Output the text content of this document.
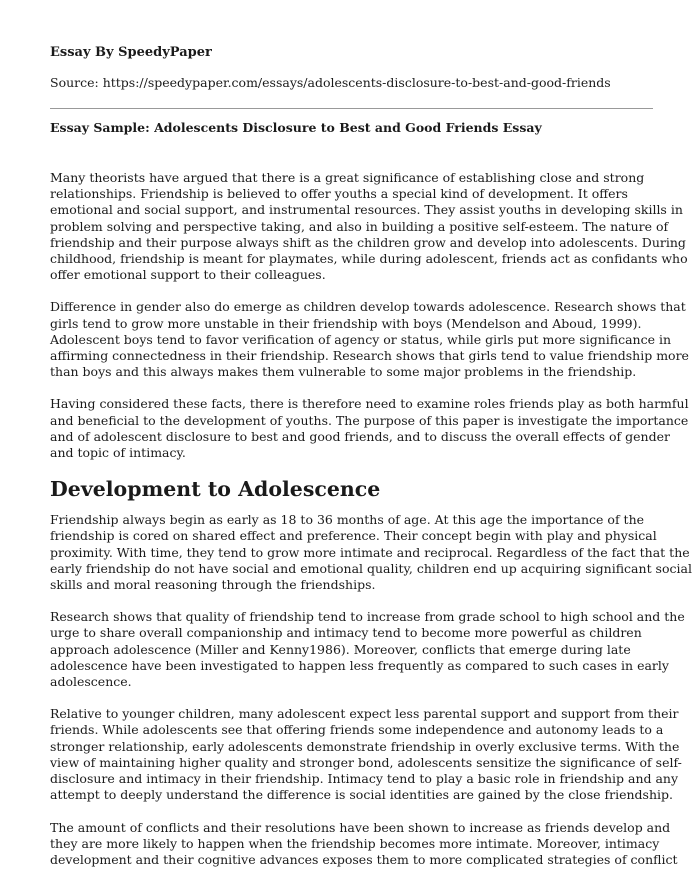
Essay By SpeedyPaper
Source: https://speedypaper.com/essays/adolescents-disclosure-to-best-and-good-friends
Essay Sample: Adolescents Disclosure to Best and Good Friends Essay
Many theorists have argued that there is a great significance of establishing close and strong
relationships. Friendship is believed to offer youths a special kind of development. It offers
emotional and social support, and instrumental resources. They assist youths in developing skills in
problem solving and perspective taking, and also in building a positive self-esteem. The nature of
friendship and their purpose always shift as the children grow and develop into adolescents. During
childhood, friendship is meant for playmates, while during adolescent, friends act as confidants who
offer emotional support to their colleagues.
Difference in gender also do emerge as children develop towards adolescence. Research shows that
girls tend to grow more unstable in their friendship with boys (Mendelson and Aboud, 1999).
Adolescent boys tend to favor verification of agency or status, while girls put more significance in
affirming connectedness in their friendship. Research shows that girls tend to value friendship more
than boys and this always makes them vulnerable to some major problems in the friendship.
Having considered these facts, there is therefore need to examine roles friends play as both harmful
and beneficial to the development of youths. The purpose of this paper is investigate the importance
and of adolescent disclosure to best and good friends, and to discuss the overall effects of gender
and topic of intimacy.
Development to Adolescence
Friendship always begin as early as 18 to 36 months of age. At this age the importance of the
friendship is cored on shared effect and preference. Their concept begin with play and physical
proximity. With time, they tend to grow more intimate and reciprocal. Regardless of the fact that the
early friendship do not have social and emotional quality, children end up acquiring significant social
skills and moral reasoning through the friendships.
Research shows that quality of friendship tend to increase from grade school to high school and the
urge to share overall companionship and intimacy tend to become more powerful as children
approach adolescence (Miller and Kenny1986). Moreover, conflicts that emerge during late
adolescence have been investigated to happen less frequently as compared to such cases in early
adolescence.
Relative to younger children, many adolescent expect less parental support and support from their
friends. While adolescents see that offering friends some independence and autonomy leads to a
stronger relationship, early adolescents demonstrate friendship in overly exclusive terms. With the
view of maintaining higher quality and stronger bond, adolescents sensitize the significance of self-
disclosure and intimacy in their friendship. Intimacy tend to play a basic role in friendship and any
attempt to deeply understand the difference is social identities are gained by the close friendship.
The amount of conflicts and their resolutions have been shown to increase as friends develop and
they are more likely to happen when the friendship becomes more intimate. Moreover, intimacy
development and their cognitive advances exposes them to more complicated strategies of conflict
